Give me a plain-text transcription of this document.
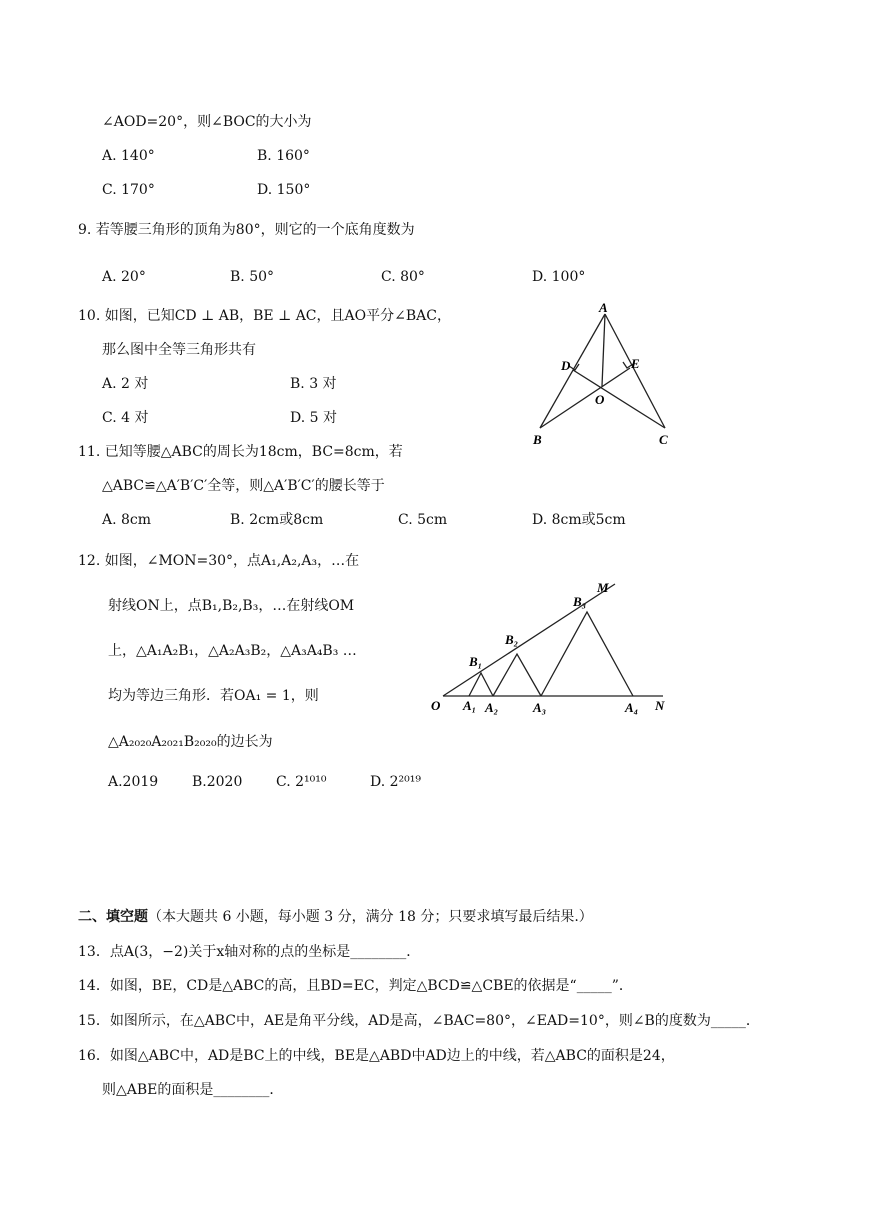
∠AOD=20°，则∠BOC的大小为
A. 140°	B. 160°
C. 170°	D. 150°
9. 若等腰三角形的顶角为80°，则它的一个底角度数为
A. 20°	B. 50°	C. 80°	D. 100°
10. 如图，已知CD ⊥ AB，BE ⊥ AC，且AO平分∠BAC，
那么图中全等三角形共有
A. 2 对	B. 3 对
C. 4 对	D. 5 对
A
D	E
O
B	C
11. 已知等腰△ABC的周长为18cm，BC=8cm，若
△ABC≌△A′B′C′全等，则△A′B′C′的腰长等于
A. 8cm	B. 2cm或8cm	C. 5cm	D. 8cm或5cm
12. 如图，∠MON=30°，点A₁,A₂,A₃，…在
射线ON上，点B₁,B₂,B₃，…在射线OM
上，△A₁A₂B₁，△A₂A₃B₂，△A₃A₄B₃ …
均为等边三角形．若OA₁ = 1，则
△A₂₀₂₀A₂₀₂₁B₂₀₂₀的边长为
A.2019 B.2020 C. 2¹⁰¹⁰	D. 2²⁰¹⁹
M
B₃
B₂
B₁
O A₁ A₂	A₃	A₄ N
二、填空题（本大题共 6 小题，每小题 3 分，满分 18 分；只要求填写最后结果.）
13．点A(3，−2)关于x轴对称的点的坐标是________．
14．如图，BE，CD是△ABC的高，且BD=EC，判定△BCD≌△CBE的依据是“_____”．
15．如图所示，在△ABC中，AE是角平分线，AD是高，∠BAC=80°，∠EAD=10°，则∠B的度数为_____．
16．如图△ABC中，AD是BC上的中线，BE是△ABD中AD边上的中线，若△ABC的面积是24，
则△ABE的面积是________．
